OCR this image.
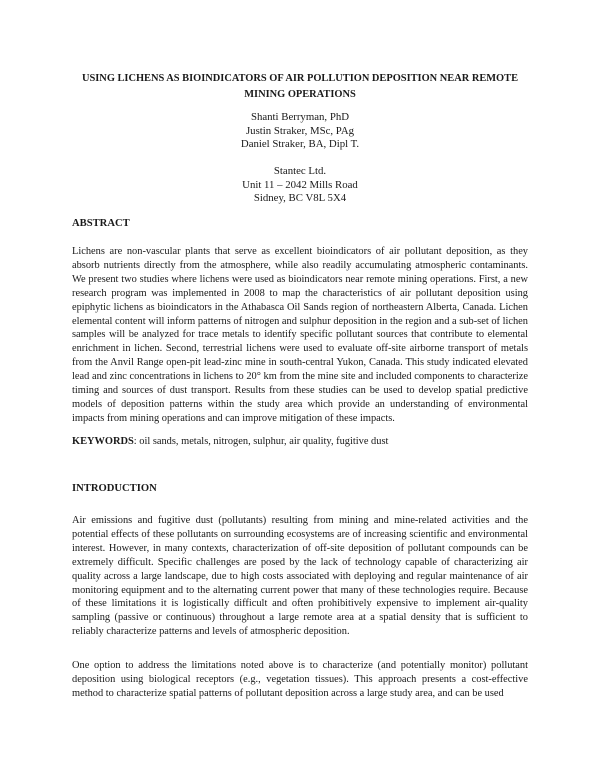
USING LICHENS AS BIOINDICATORS OF AIR POLLUTION DEPOSITION NEAR REMOTE
MINING OPERATIONS
Shanti Berryman, PhD
Justin Straker, MSc, PAg
Daniel Straker, BA, Dipl T.
Stantec Ltd.
Unit 11 – 2042 Mills Road
Sidney, BC V8L 5X4
ABSTRACT

Lichens are non-vascular plants that serve as excellent bioindicators of air pollutant deposition, as they absorb nutrients directly from the atmosphere, while also readily accumulating atmospheric contaminants. We present two studies where lichens were used as bioindicators near remote mining operations. First, a new research program was implemented in 2008 to map the characteristics of air pollutant deposition using epiphytic lichens as bioindicators in the Athabasca Oil Sands region of northeastern Alberta, Canada. Lichen elemental content will inform patterns of nitrogen and sulphur deposition in the region and a sub-set of lichen samples will be analyzed for trace metals to identify specific pollutant sources that contribute to elemental enrichment in lichen. Second, terrestrial lichens were used to evaluate off-site airborne transport of metals from the Anvil Range open-pit lead-zinc mine in south-central Yukon, Canada. This study indicated elevated lead and zinc concentrations in lichens to 20° km from the mine site and included components to characterize timing and sources of dust transport. Results from these studies can be used to develop spatial predictive models of deposition patterns within the study area which provide an understanding of environmental impacts from mining operations and can improve mitigation of these impacts.

KEYWORDS: oil sands, metals, nitrogen, sulphur, air quality, fugitive dust

INTRODUCTION

Air emissions and fugitive dust (pollutants) resulting from mining and mine-related activities and the potential effects of these pollutants on surrounding ecosystems are of increasing scientific and environmental interest. However, in many contexts, characterization of off-site deposition of pollutant compounds can be extremely difficult. Specific challenges are posed by the lack of technology capable of characterizing air quality across a large landscape, due to high costs associated with deploying and regular maintenance of air monitoring equipment and to the alternating current power that many of these technologies require. Because of these limitations it is logistically difficult and often prohibitively expensive to implement air-quality sampling (passive or continuous) throughout a large remote area at a spatial density that is sufficient to reliably characterize patterns and levels of atmospheric deposition.

One option to address the limitations noted above is to characterize (and potentially monitor) pollutant deposition using biological receptors (e.g., vegetation tissues). This approach presents a cost-effective method to characterize spatial patterns of pollutant deposition across a large study area, and can be used
